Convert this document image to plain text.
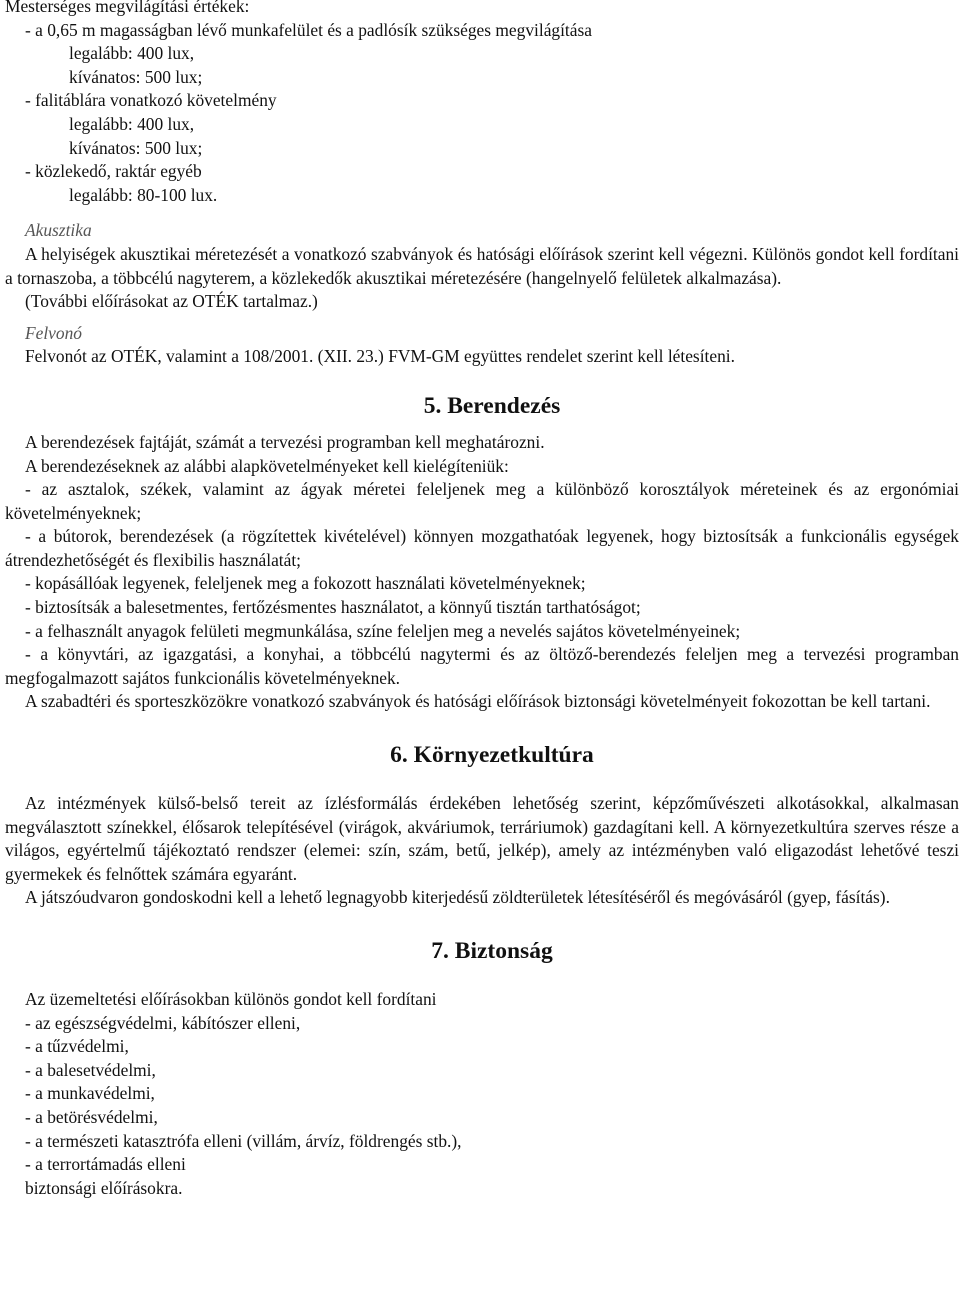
Mesterséges megvilágítási értékek:

- a 0,65 m magasságban lévő munkafelület és a padlósík szükséges megvilágítása

legalább: 400 lux,

kívánatos: 500 lux;

- falitáblára vonatkozó követelmény

legalább: 400 lux,

kívánatos: 500 lux;

- közlekedő, raktár egyéb

legalább: 80-100 lux.

Akusztika

A helyiségek akusztikai méretezését a vonatkozó szabványok és hatósági előírások szerint kell végezni. Különös gondot kell fordítani a tornaszoba, a többcélú nagyterem, a közlekedők akusztikai méretezésére (hangelnyelő felületek alkalmazása).

(További előírásokat az OTÉK tartalmaz.)

Felvonó

Felvonót az OTÉK, valamint a 108/2001. (XII. 23.) FVM-GM együttes rendelet szerint kell létesíteni.

5. Berendezés

A berendezések fajtáját, számát a tervezési programban kell meghatározni.

A berendezéseknek az alábbi alapkövetelményeket kell kielégíteniük:

- az asztalok, székek, valamint az ágyak méretei feleljenek meg a különböző korosztályok méreteinek és az ergonómiai követelményeknek;

- a bútorok, berendezések (a rögzítettek kivételével) könnyen mozgathatóak legyenek, hogy biztosítsák a funkcionális egységek átrendezhetőségét és flexibilis használatát;

- kopásállóak legyenek, feleljenek meg a fokozott használati követelményeknek;

- biztosítsák a balesetmentes, fertőzésmentes használatot, a könnyű tisztán tarthatóságot;

- a felhasznált anyagok felületi megmunkálása, színe feleljen meg a nevelés sajátos követelményeinek;

- a könyvtári, az igazgatási, a konyhai, a többcélú nagytermi és az öltöző-berendezés feleljen meg a tervezési programban megfogalmazott sajátos funkcionális követelményeknek.

A szabadtéri és sporteszközökre vonatkozó szabványok és hatósági előírások biztonsági követelményeit fokozottan be kell tartani.

6. Környezetkultúra

Az intézmények külső-belső tereit az ízlésformálás érdekében lehetőség szerint, képzőművészeti alkotásokkal, alkalmasan megválasztott színekkel, élősarok telepítésével (virágok, akváriumok, terráriumok) gazdagítani kell. A környezetkultúra szerves része a világos, egyértelmű tájékoztató rendszer (elemei: szín, szám, betű, jelkép), amely az intézményben való eligazodást lehetővé teszi gyermekek és felnőttek számára egyaránt.

A játszóudvaron gondoskodni kell a lehető legnagyobb kiterjedésű zöldterületek létesítéséről és megóvásáról (gyep, fásítás).

7. Biztonság

Az üzemeltetési előírásokban különös gondot kell fordítani

- az egészségvédelmi, kábítószer elleni,

- a tűzvédelmi,

- a balesetvédelmi,

- a munkavédelmi,

- a betörésvédelmi,

- a természeti katasztrófa elleni (villám, árvíz, földrengés stb.),

- a terrortámadás elleni

biztonsági előírásokra.
